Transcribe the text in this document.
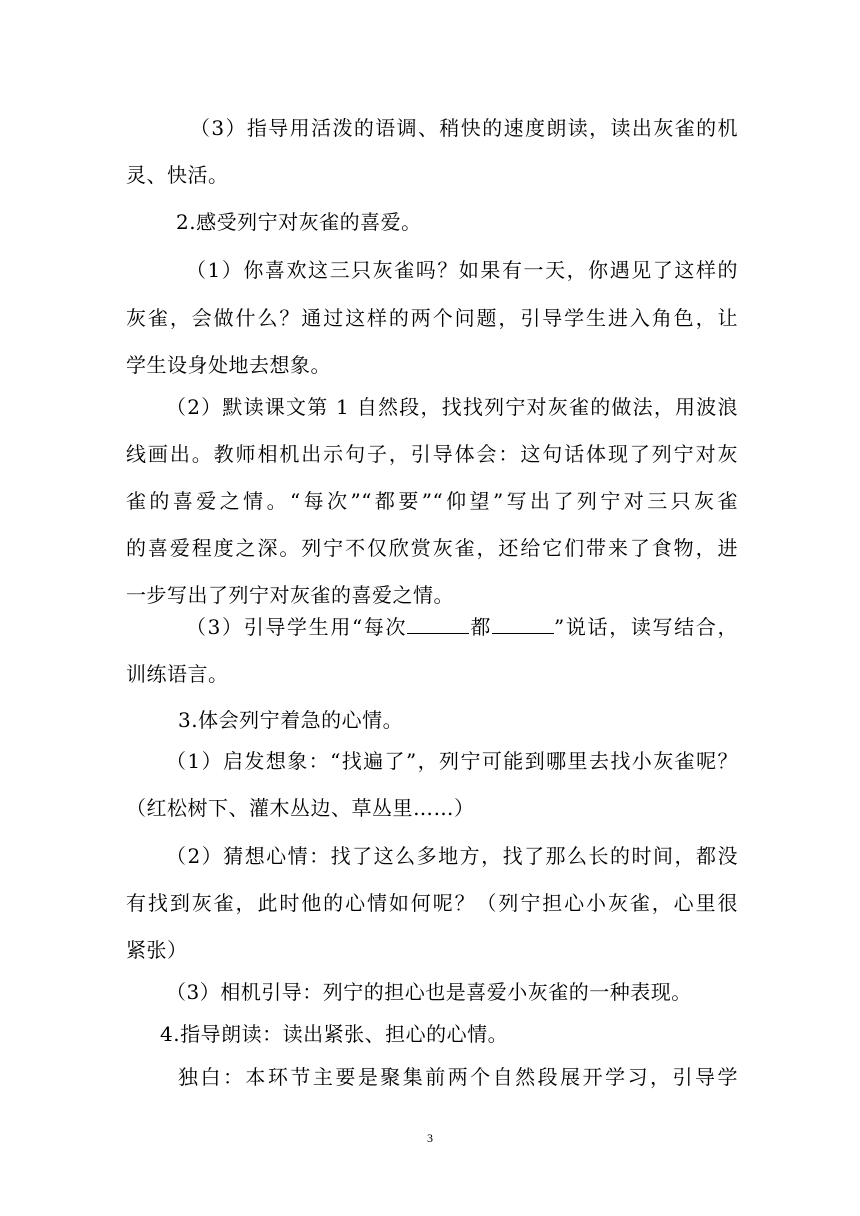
（3）指导用活泼的语调、稍快的速度朗读，读出灰雀的机
灵、快活。
2.感受列宁对灰雀的喜爱。
（1）你喜欢这三只灰雀吗？如果有一天，你遇见了这样的
灰雀，会做什么？通过这样的两个问题，引导学生进入角色，让
学生设身处地去想象。
（2）默读课文第 1 自然段，找找列宁对灰雀的做法，用波浪
线画出。教师相机出示句子，引导体会：这句话体现了列宁对灰
雀的喜爱之情。“每次”“都要”“仰望”写出了列宁对三只灰雀
的喜爱程度之深。列宁不仅欣赏灰雀，还给它们带来了食物，进
一步写出了列宁对灰雀的喜爱之情。
（3）引导学生用“每次	都	”说话，读写结合，
训练语言。
3.体会列宁着急的心情。
（1）启发想象：“找遍了”，列宁可能到哪里去找小灰雀呢？
（红松树下、灌木丛边、草丛里……）
（2）猜想心情：找了这么多地方，找了那么长的时间，都没
有找到灰雀，此时他的心情如何呢？（列宁担心小灰雀，心里很
紧张）
（3）相机引导：列宁的担心也是喜爱小灰雀的一种表现。
4.指导朗读：读出紧张、担心的心情。
独白：本环节主要是聚集前两个自然段展开学习，引导学
3
